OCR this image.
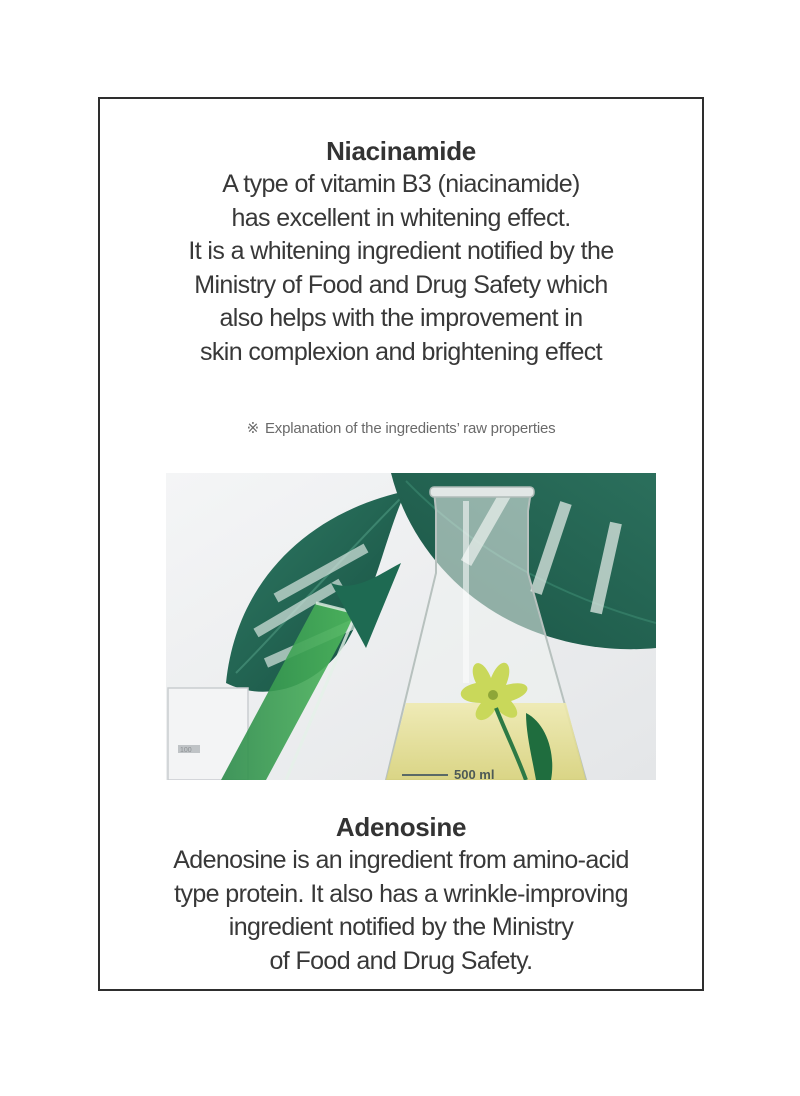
Niacinamide
A type of vitamin B3 (niacinamide)
has excellent in whitening effect.
It is a whitening ingredient notified by the
Ministry of Food and Drug Safety which
also helps with the improvement in
skin complexion and brightening effect
※ Explanation of the ingredients’ raw properties
100
500 ml
Adenosine
Adenosine is an ingredient from amino-acid
type protein. It also has a wrinkle-improving
ingredient notified by the Ministry
of Food and Drug Safety.
